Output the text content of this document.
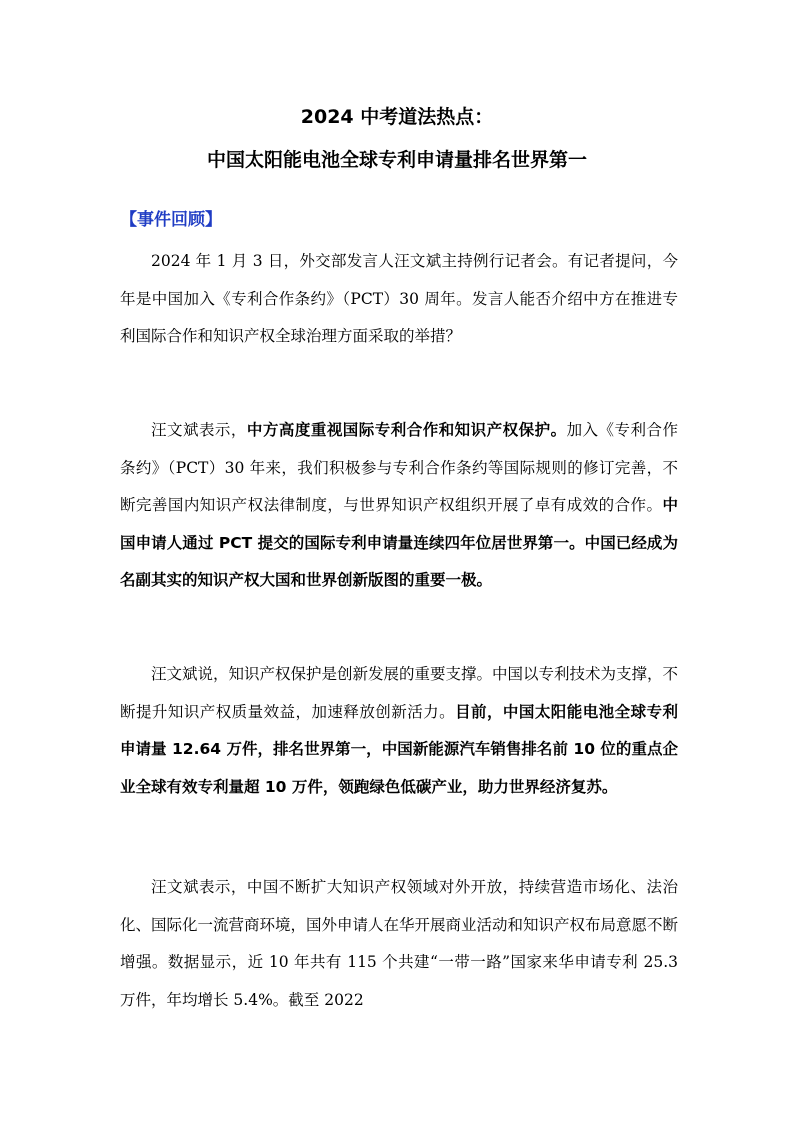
2024 中考道法热点：
中国太阳能电池全球专利申请量排名世界第一
【事件回顾】

2024 年 1 月 3 日，外交部发言人汪文斌主持例行记者会。有记者提问，今年是中国加入《专利合作条约》（PCT）30 周年。发言人能否介绍中方在推进专利国际合作和知识产权全球治理方面采取的举措？

汪文斌表示，中方高度重视国际专利合作和知识产权保护。加入《专利合作条约》（PCT）30 年来，我们积极参与专利合作条约等国际规则的修订完善，不断完善国内知识产权法律制度，与世界知识产权组织开展了卓有成效的合作。中国申请人通过 PCT 提交的国际专利申请量连续四年位居世界第一。中国已经成为名副其实的知识产权大国和世界创新版图的重要一极。

汪文斌说，知识产权保护是创新发展的重要支撑。中国以专利技术为支撑，不断提升知识产权质量效益，加速释放创新活力。目前，中国太阳能电池全球专利申请量 12.64 万件，排名世界第一，中国新能源汽车销售排名前 10 位的重点企业全球有效专利量超 10 万件，领跑绿色低碳产业，助力世界经济复苏。

汪文斌表示，中国不断扩大知识产权领域对外开放，持续营造市场化、法治化、国际化一流营商环境，国外申请人在华开展商业活动和知识产权布局意愿不断增强。数据显示，近 10 年共有 115 个共建“一带一路”国家来华申请专利 25.3 万件，年均增长 5.4%。截至 2022
